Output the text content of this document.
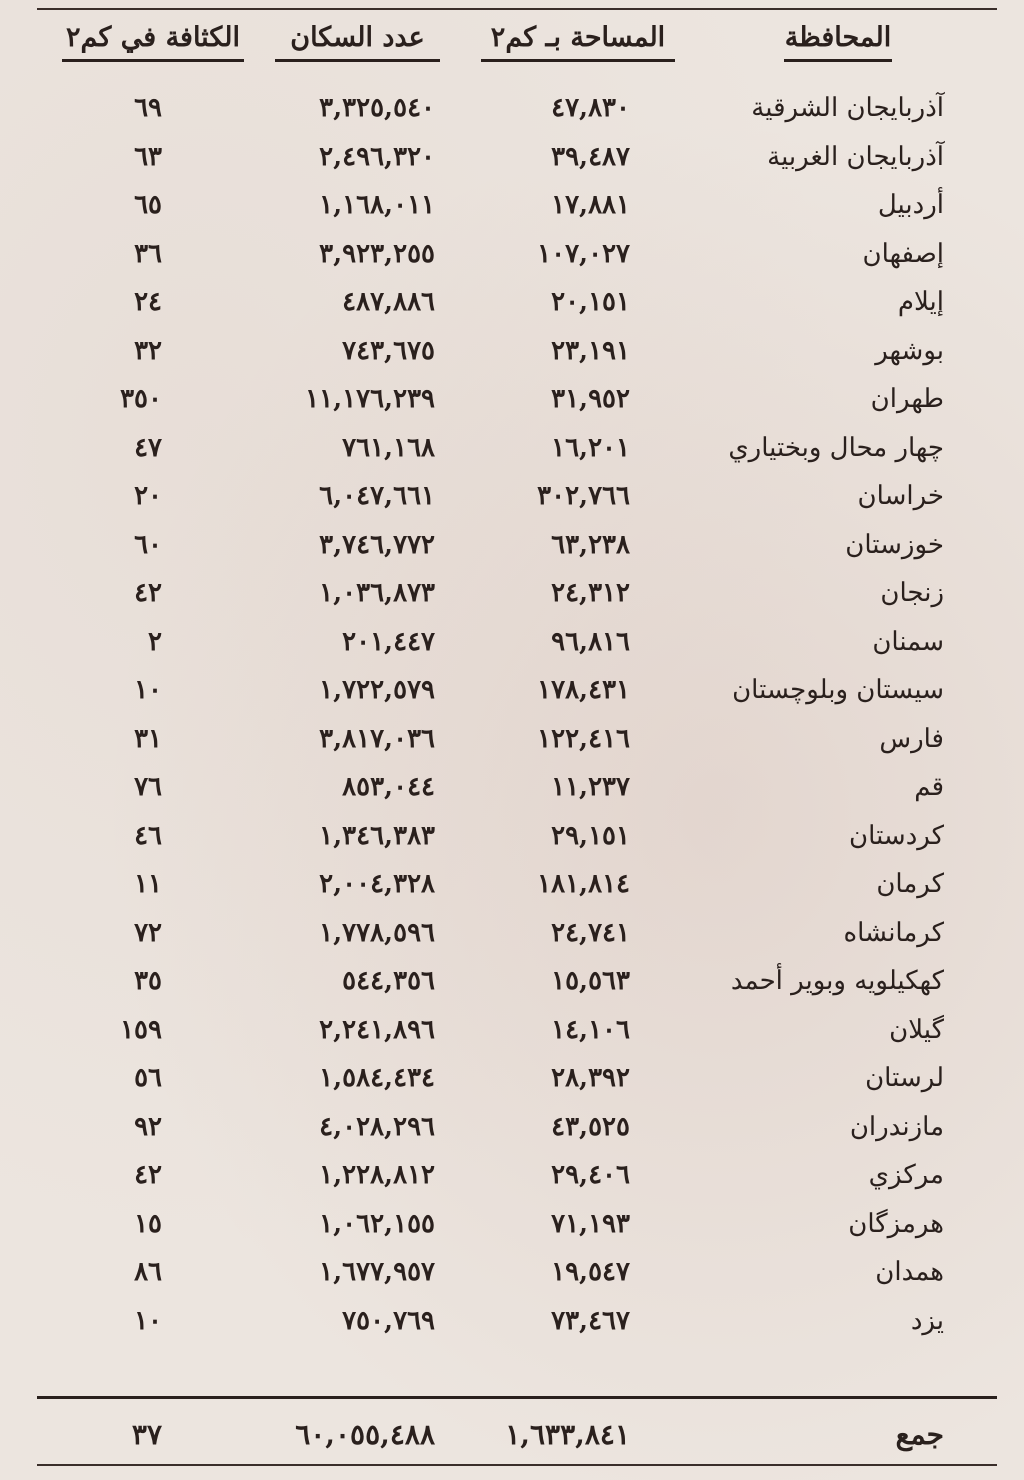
المحافظة
المساحة بـ كم٢
عدد السكان
الكثافة في كم٢
آذربايجان الشرقية
٤٧,٨٣٠
٣,٣٢٥,٥٤٠
٦٩
آذربايجان الغربية
٣٩,٤٨٧
٢,٤٩٦,٣٢٠
٦٣
أردبيل
١٧,٨٨١
١,١٦٨,٠١١
٦٥
إصفهان
١٠٧,٠٢٧
٣,٩٢٣,٢٥٥
٣٦
إيلام
٢٠,١٥١
٤٨٧,٨٨٦
٢٤
بوشهر
٢٣,١٩١
٧٤٣,٦٧٥
٣٢
طهران
٣١,٩٥٢
١١,١٧٦,٢٣٩
٣٥٠
چهار محال وبختياري
١٦,٢٠١
٧٦١,١٦٨
٤٧
خراسان
٣٠٢,٧٦٦
٦,٠٤٧,٦٦١
٢٠
خوزستان
٦٣,٢٣٨
٣,٧٤٦,٧٧٢
٦٠
زنجان
٢٤,٣١٢
١,٠٣٦,٨٧٣
٤٢
سمنان
٩٦,٨١٦
٢٠١,٤٤٧
٢
سيستان وبلوچستان
١٧٨,٤٣١
١,٧٢٢,٥٧٩
١٠
فارس
١٢٢,٤١٦
٣,٨١٧,٠٣٦
٣١
قم
١١,٢٣٧
٨٥٣,٠٤٤
٧٦
كردستان
٢٩,١٥١
١,٣٤٦,٣٨٣
٤٦
كرمان
١٨١,٨١٤
٢,٠٠٤,٣٢٨
١١
كرمانشاه
٢٤,٧٤١
١,٧٧٨,٥٩٦
٧٢
كهكيلويه وبوير أحمد
١٥,٥٦٣
٥٤٤,٣٥٦
٣٥
گيلان
١٤,١٠٦
٢,٢٤١,٨٩٦
١٥٩
لرستان
٢٨,٣٩٢
١,٥٨٤,٤٣٤
٥٦
مازندران
٤٣,٥٢٥
٤,٠٢٨,٢٩٦
٩٢
مركزي
٢٩,٤٠٦
١,٢٢٨,٨١٢
٤٢
هرمزگان
٧١,١٩٣
١,٠٦٢,١٥٥
١٥
همدان
١٩,٥٤٧
١,٦٧٧,٩٥٧
٨٦
يزد
٧٣,٤٦٧
٧٥٠,٧٦٩
١٠
جمع
١,٦٣٣,٨٤١
٦٠,٠٥٥,٤٨٨
٣٧
